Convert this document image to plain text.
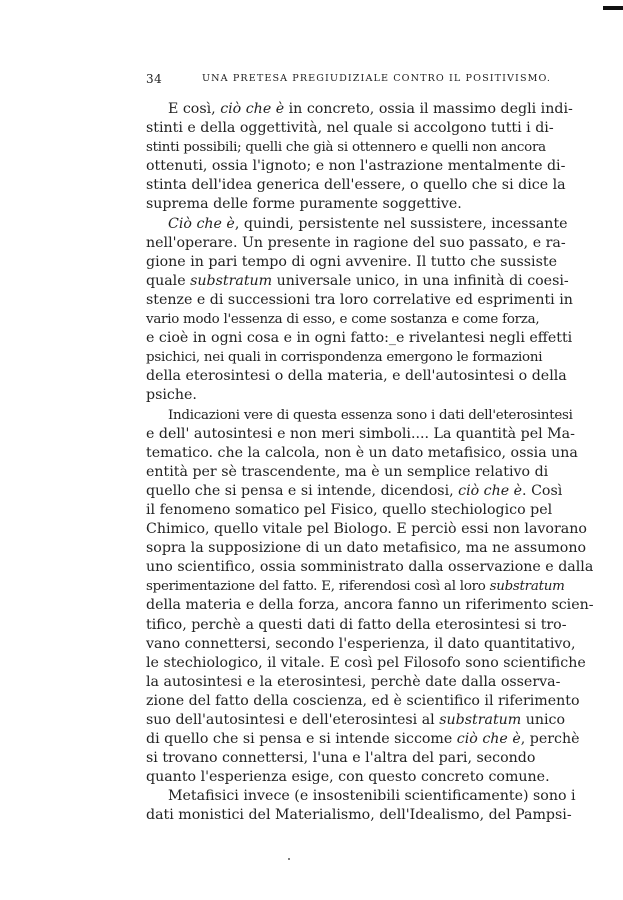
34	UNA PRETESA PREGIUDIZIALE CONTRO IL POSITIVISMO.
E così, ciò che è in concreto, ossia il massimo degli indi-
stinti e della oggettività, nel quale si accolgono tutti i di-
stinti possibili; quelli che già si ottennero e quelli non ancora
ottenuti, ossia l'ignoto; e non l'astrazione mentalmente di-
stinta dell'idea generica dell'essere, o quello che si dice la
suprema delle forme puramente soggettive.
Ciò che è, quindi, persistente nel sussistere, incessante
nell'operare. Un presente in ragione del suo passato, e ra-
gione in pari tempo di ogni avvenire. Il tutto che sussiste
quale substratum universale unico, in una infinità di coesi-
stenze e di successioni tra loro correlative ed esprimenti in
vario modo l'essenza di esso, e come sostanza e come forza,
e cioè in ogni cosa e in ogni fatto:_e rivelantesi negli effetti
psichici, nei quali in corrispondenza emergono le formazioni
della eterosintesi o della materia, e dell'autosintesi o della
psiche.
Indicazioni vere di questa essenza sono i dati dell'eterosintesi
e dell' autosintesi e non meri simboli.... La quantità pel Ma-
tematico. che la calcola, non è un dato metafisico, ossia una
entità per sè trascendente, ma è un semplice relativo di
quello che si pensa e si intende, dicendosi, ciò che è. Così
il fenomeno somatico pel Fisico, quello stechiologico pel
Chimico, quello vitale pel Biologo. E perciò essi non lavorano
sopra la supposizione di un dato metafisico, ma ne assumono
uno scientifico, ossia somministrato dalla osservazione e dalla
sperimentazione del fatto. E, riferendosi così al loro substratum
della materia e della forza, ancora fanno un riferimento scien-
tifico, perchè a questi dati di fatto della eterosintesi si tro-
vano connettersi, secondo l'esperienza, il dato quantitativo,
le stechiologico, il vitale. E così pel Filosofo sono scientifiche
la autosintesi e la eterosintesi, perchè date dalla osserva-
zione del fatto della coscienza, ed è scientifico il riferimento
suo dell'autosintesi e dell'eterosintesi al substratum unico
di quello che si pensa e si intende siccome ciò che è, perchè
si trovano connettersi, l'una e l'altra del pari, secondo
quanto l'esperienza esige, con questo concreto comune.
Metafisici invece (e insostenibili scientificamente) sono i
dati monistici del Materialismo, dell'Idealismo, del Pampsi-
